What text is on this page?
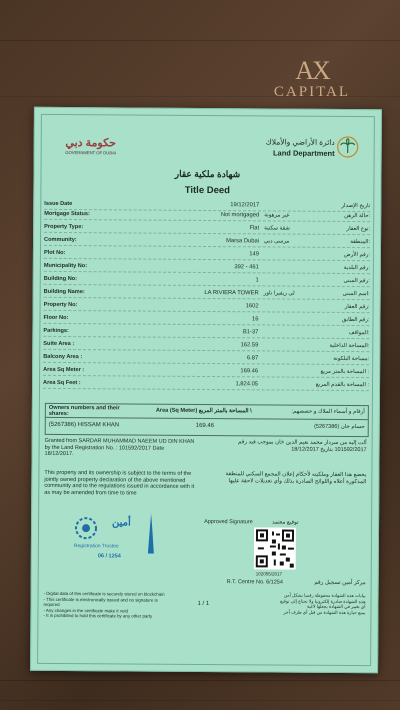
AX
CAPITAL
حكومة دبي
GOVERNMENT OF DUBAI
دائرة الأراضي والأملاك
Land Department
شهادة ملكية عقار
Title Deed
Issue Date	19/12/2017	تاريخ الإصدار
Mortgage Status:	Not mortgaged غير مرهونة	حالة الرهن:
Property Type:	Flat شقة سكنية	نوع العقار:
Community:	Marsa Dubai مرسى دبي	المنطقة:
Plot No:	149	رقم الأرض:
Municipality No:	392 - 461	رقم البلدية:
Building No:	1	رقم المبنى:
Building Name:	LA RIVIERA TOWER لى ريفيرا تاور	اسم المبنى:
Property No:	1602	رقم العقار:
Floor No:	16	رقم الطابق:
Parkings:	B1-37	المواقف:
Suite Area :	162.59	المساحة الداخلية:
Balcony Area :	6.87	مساحة البلكونة:
Area Sq Meter :	169.46	المساحة بالمتر مربع :
Area Sq Feet :	1,824.05	المساحة بالقدم المربع :
Owners numbers and their shares:
Area (Sq Meter) المساحة بالمتر المربع \	أرقام و أسماء الملاك و حصصهم:
(5267386) HISSAM KHAN	169.46	حسام خان (5267386)
Granted from SARDAR MUHAMMAD NAEEM UD DIN KHAN by the Land Registration No. : 101592/2017 Date 18/12/2017.
آلت إليه من سردار محمد نعيم الدين خان بموجب قيد رقم 101592/2017 بتاريخ 18/12/2017
This property and its ownership is subject to the terms of the jointly owned property declaration of the above mentioned community and to the regulations issued in accordance with it as may be amended from time to time
يخضع هذا العقار وملكيته لأحكام إعلان المجمع السكني للمنطقة المذكورة أعلاه واللوائح الصادرة بذلك وأي تعديلات لاحقة عليها
أمين
Registration Trustee
06 / 1254
Approved Signature	توقيع معتمد
102055/2017
R.T. Centre No. 6/1254	مركز أمين تسجيل رقم
- Digital data of this certificate is securely stored on blockchain
- This certificate is electronically issued and no signature is required
- Any changes in the certificate make it void
- It is prohibited to hold this certificate by any other party
1 / 1
بيانات هذه الشهادة محفوظة رقميا بشكل آمن
هذه الشهادة صادرة إلكترونيا ولا تحتاج إلى توقيع
أي تغيير في الشهادة يجعلها لاغية
يمنع حيازة هذه الشهادة من قبل أي طرف آخر
